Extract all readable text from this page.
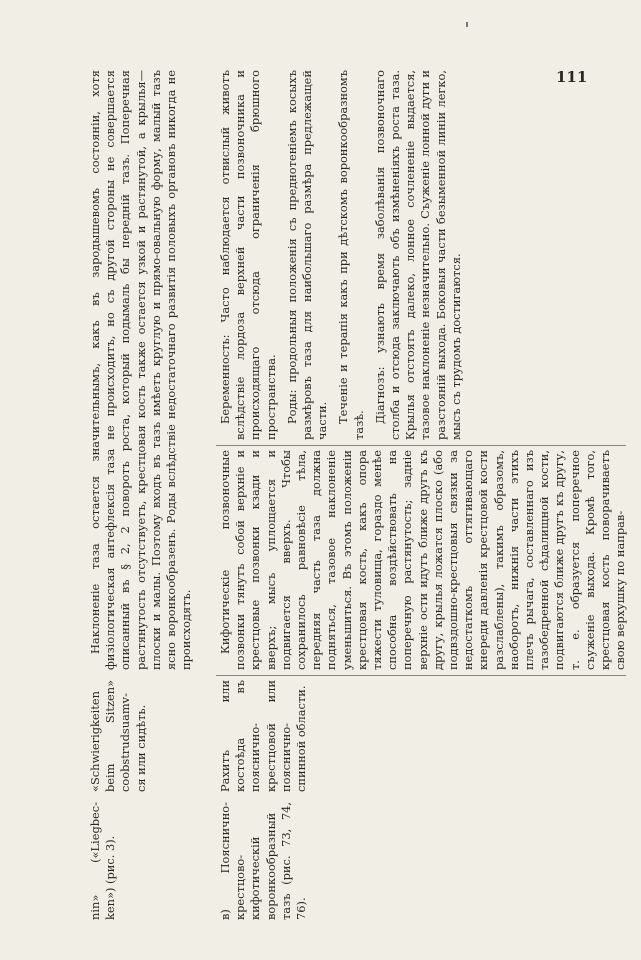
111
nin» («Liegbec-ken») (рис. 3).
«Schwierigkeiten beim Sitzen» coobstrudsuamv-ся или сидѣть.

Наклоненіе таза остается значительнымъ, какъ въ зародышевомъ состояніи, хотя физіологическая антефлексія таза не происходитъ, но съ другой стороны не совершается описанный въ § 2, 2 поворотъ роста, который подымаль бы передній тазъ. Поперечная растянутость отсутствуетъ, крестцовая кость также остается узкой и растянутой, а крылья—плоски и малы. Поэтому входъ въ тазъ имѣетъ круглую и прямо-овальную форму, малый тазъ ясно воронкообразенъ. Роды вслѣдствіе недостаточнаго развитія половыхъ органовъ никогда не происходятъ.

в) Поясничнo-крестцово-кифотическій воронкообразный тазъ (рис. 73, 74, 76).
Рахитъ или костоѣда въ поясничнo-крестцовой или поясничнo-спинной области.

Кифотическіе позвоночные позвонки тянутъ собой верхніе и крестцовые позвонки кзади и вверхъ; мысъ уплощается и подвигается вверхъ. Чтобы сохранилось равновѣсіе тѣла, передняя часть таза должна подняться, тазовое наклоненіе уменьшиться. Въ этомъ положеніи крестцовая кость, какъ опора тяжести туловища, гораздо менѣе способна воздѣйствовать на поперечную растянутость; задніе верхніе ости идутъ ближе другъ къ другу, крылья ложатся плоско (або подвздошно-крестцовыя связки за недостаткомъ оттягивающаго кнереди давленія крестцовой кости разслаблены), такимъ образомъ, наоборотъ, нижнія части этихъ плечъ рычага, составленнаго изъ тазобедренной сѣдалищной кости, подвигаются ближе другъ къ другу, т. е. образуется поперечное съуженіе выхода. Кромѣ того, крестцовая кость поворачиваетъ свою верхушку по направ-

Беременность: Часто наблюдается отвислый животъ вслѣдствіе лордоза верхней части позвоночника и происходящаго отсюда ограниченія брюшного пространства. Роды: продольныя положенія съ преднотеніемъ косыхъ размѣровъ таза для наибольшаго размѣра предлежащей части. Теченіе и терапія какъ при дѣтскомъ воронкообразномъ тазѣ.

Діагнозъ: узнають время заболѣванія позвоночнаго столба и отсюда заключають объ измѣненіяхъ роста таза. Крылья отстоятъ далеко, лонное сочлененіе выдается, тазовое наклоненіе незначительно. Съуженіе лонной дуги и разстояній выхода. Боковыя части безыменной линіи легко, мысъ съ трудомъ достигаются.
